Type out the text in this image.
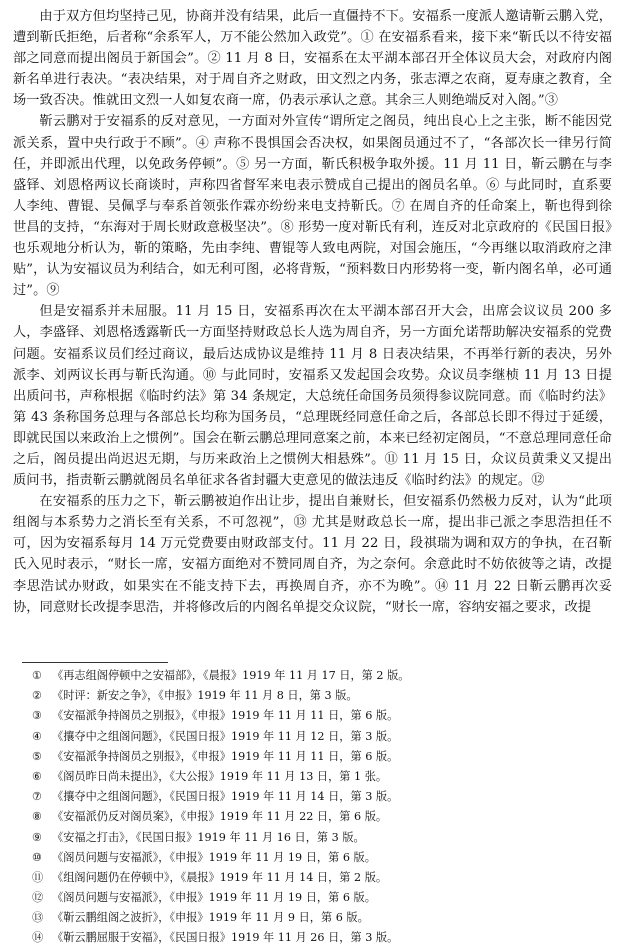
由于双方但均坚持己见，协商并没有结果，此后一直僵持不下。安福系一度派人邀请靳云鹏入党，遭到靳氏拒绝，后者称“余系军人，万不能公然加入政党”。① 在安福系看来，接下来“靳氏以不待安福部之同意而提出阁员于新国会”。② 11 月 8 日，安福系在太平湖本部召开全体议员大会，对政府内阁新名单进行表决。“表决结果，对于周自齐之财政，田文烈之内务，张志潭之农商，夏寿康之教育，全场一致否决。惟就田文烈一人如复农商一席，仍表示承认之意。其余三人则绝端反对入阁。”③

靳云鹏对于安福系的反对意见，一方面对外宣传“谓所定之阁员，纯出良心上之主张，断不能因党派关系，置中央行政于不顾”。④ 声称不畏惧国会否决权，如果阁员通过不了，“各部次长一律另行简任，并即派出代理，以免政务停顿”。⑤ 另一方面，靳氏积极争取外援。11 月 11 日，靳云鹏在与李盛铎、刘恩格两议长商谈时，声称四省督军来电表示赞成自己提出的阁员名单。⑥ 与此同时，直系要人李纯、曹锟、吴佩孚与奉系首领张作霖亦纷纷来电支持靳氏。⑦ 在周自齐的任命案上，靳也得到徐世昌的支持，“东海对于周长财政意极坚决”。⑧ 形势一度对靳氏有利，连反对北京政府的《民国日报》也乐观地分析认为，靳的策略，先由李纯、曹锟等人致电两院，对国会施压，“今再继以取消政府之津贴”，认为安福议员为利结合，如无利可图，必将背叛，“预料数日内形势将一变，靳内阁名单，必可通过”。⑨

但是安福系并未屈服。11 月 15 日，安福系再次在太平湖本部召开大会，出席会议议员 200 多人，李盛铎、刘恩格透露靳氏一方面坚持财政总长人选为周自齐，另一方面允诺帮助解决安福系的党费问题。安福系议员们经过商议，最后达成协议是维持 11 月 8 日表决结果，不再举行新的表决，另外派李、刘两议长再与靳氏沟通。⑩ 与此同时，安福系又发起国会攻势。众议员李继桢 11 月 13 日提出质问书，声称根据《临时约法》第 34 条规定，大总统任命国务员须得参议院同意。而《临时约法》第 43 条称国务总理与各部总长均称为国务员，“总理既经同意任命之后，各部总长即不得过于延缓，即就民国以来政治上之惯例”。国会在靳云鹏总理同意案之前，本来已经初定阁员，“不意总理同意任命之后，阁员提出尚迟迟无期，与历来政治上之惯例大相悬殊”。⑪ 11 月 15 日，众议员黄秉义又提出质问书，指责靳云鹏就阁员名单征求各省封疆大吏意见的做法违反《临时约法》的规定。⑫

在安福系的压力之下，靳云鹏被迫作出让步，提出自兼财长，但安福系仍然极力反对，认为“此项组阁与本系势力之消长至有关系，不可忽视”，⑬ 尤其是财政总长一席，提出非己派之李思浩担任不可，因为安福系每月 14 万元党费要由财政部支付。11 月 22 日，段祺瑞为调和双方的争执，在召靳氏入见时表示，“财长一席，安福方面绝对不赞同周自齐，为之奈何。余意此时不妨依彼等之请，改提李思浩试办财政，如果实在不能支持下去，再换周自齐，亦不为晚”。⑭ 11 月 22 日靳云鹏再次妥协，同意财长改提李思浩，并将修改后的内阁名单提交众议院，“财长一席，容纳安福之要求，改提

① 《再志组阁停顿中之安福部》，《晨报》1919 年 11 月 17 日，第 2 版。
② 《时评：新安之争》，《申报》1919 年 11 月 8 日，第 3 版。
③ 《安福派争持阁员之别报》，《申报》1919 年 11 月 11 日，第 6 版。
④ 《攘夺中之组阁问题》，《民国日报》1919 年 11 月 12 日，第 3 版。
⑤ 《安福派争持阁员之别报》，《申报》1919 年 11 月 11 日，第 6 版。
⑥ 《阁员昨日尚未提出》，《大公报》1919 年 11 月 13 日，第 1 张。
⑦ 《攘夺中之组阁问题》，《民国日报》1919 年 11 月 14 日，第 3 版。
⑧ 《安福派仍反对阁员案》，《申报》1919 年 11 月 22 日，第 6 版。
⑨ 《安福之打击》，《民国日报》1919 年 11 月 16 日，第 3 版。
⑩ 《阁员问题与安福派》，《申报》1919 年 11 月 19 日，第 6 版。
⑪ 《组阁问题仍在停顿中》，《晨报》1919 年 11 月 14 日，第 2 版。
⑫ 《阁员问题与安福派》，《申报》1919 年 11 月 19 日，第 6 版。
⑬ 《靳云鹏组阁之波折》，《申报》1919 年 11 月 9 日，第 6 版。
⑭ 《靳云鹏屈服于安福》，《民国日报》1919 年 11 月 26 日，第 3 版。
